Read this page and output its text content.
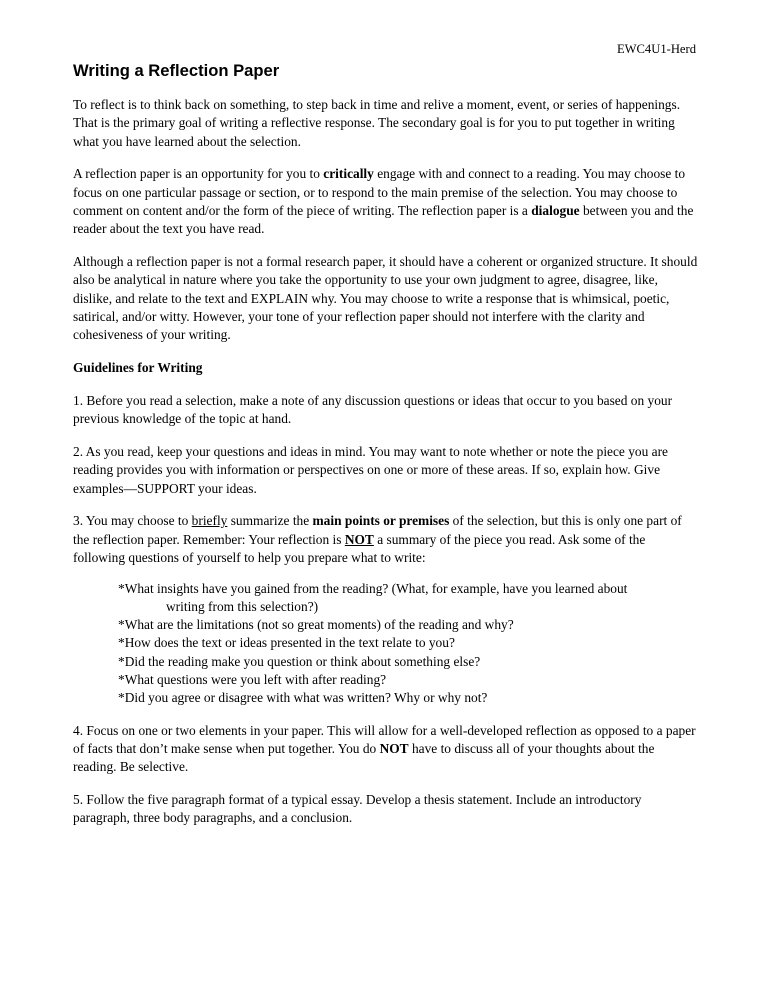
EWC4U1-Herd
Writing a Reflection Paper

To reflect is to think back on something, to step back in time and relive a moment, event, or series of happenings. That is the primary goal of writing a reflective response. The secondary goal is for you to put together in writing what you have learned about the selection.

A reflection paper is an opportunity for you to critically engage with and connect to a reading. You may choose to focus on one particular passage or section, or to respond to the main premise of the selection. You may choose to comment on content and/or the form of the piece of writing. The reflection paper is a dialogue between you and the reader about the text you have read.

Although a reflection paper is not a formal research paper, it should have a coherent or organized structure. It should also be analytical in nature where you take the opportunity to use your own judgment to agree, disagree, like, dislike, and relate to the text and EXPLAIN why. You may choose to write a response that is whimsical, poetic, satirical, and/or witty. However, your tone of your reflection paper should not interfere with the clarity and cohesiveness of your writing.

Guidelines for Writing

1. Before you read a selection, make a note of any discussion questions or ideas that occur to you based on your previous knowledge of the topic at hand.

2. As you read, keep your questions and ideas in mind. You may want to note whether or note the piece you are reading provides you with information or perspectives on one or more of these areas. If so, explain how. Give examples—SUPPORT your ideas.

3. You may choose to briefly summarize the main points or premises of the selection, but this is only one part of the reflection paper. Remember: Your reflection is NOT a summary of the piece you read. Ask some of the following questions of yourself to help you prepare what to write:

*What insights have you gained from the reading? (What, for example, have you learned about
writing from this selection?)
*What are the limitations (not so great moments) of the reading and why?
*How does the text or ideas presented in the text relate to you?
*Did the reading make you question or think about something else?
*What questions were you left with after reading?
*Did you agree or disagree with what was written? Why or why not?

4. Focus on one or two elements in your paper. This will allow for a well-developed reflection as opposed to a paper of facts that don’t make sense when put together. You do NOT have to discuss all of your thoughts about the reading. Be selective.

5. Follow the five paragraph format of a typical essay. Develop a thesis statement. Include an introductory paragraph, three body paragraphs, and a conclusion.
